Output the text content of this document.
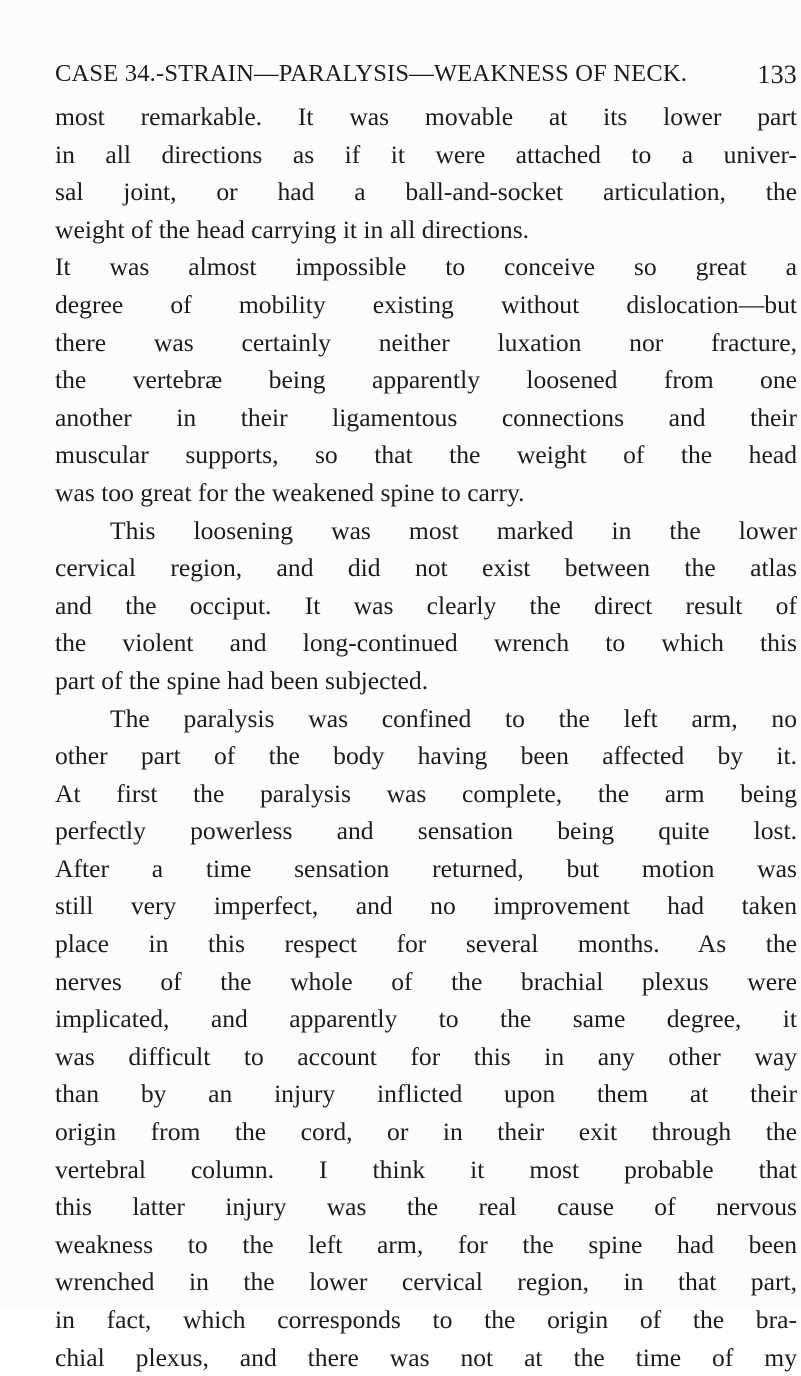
CASE 34.-STRAIN—PARALYSIS—WEAKNESS OF NECK.	133
most remarkable. It was movable at its lower part
in all directions as if it were attached to a univer-
sal joint, or had a ball-and-socket articulation, the
weight of the head carrying it in all directions.
It was almost impossible to conceive so great a
degree of mobility existing without dislocation—but
there was certainly neither luxation nor fracture,
the vertebræ being apparently loosened from one
another in their ligamentous connections and their
muscular supports, so that the weight of the head
was too great for the weakened spine to carry.
This loosening was most marked in the lower
cervical region, and did not exist between the atlas
and the occiput. It was clearly the direct result of
the violent and long-continued wrench to which this
part of the spine had been subjected.
The paralysis was confined to the left arm, no
other part of the body having been affected by it.
At first the paralysis was complete, the arm being
perfectly powerless and sensation being quite lost.
After a time sensation returned, but motion was
still very imperfect, and no improvement had taken
place in this respect for several months. As the
nerves of the whole of the brachial plexus were
implicated, and apparently to the same degree, it
was difficult to account for this in any other way
than by an injury inflicted upon them at their
origin from the cord, or in their exit through the
vertebral column. I think it most probable that
this latter injury was the real cause of nervous
weakness to the left arm, for the spine had been
wrenched in the lower cervical region, in that part,
in fact, which corresponds to the origin of the bra-
chial plexus, and there was not at the time of my
